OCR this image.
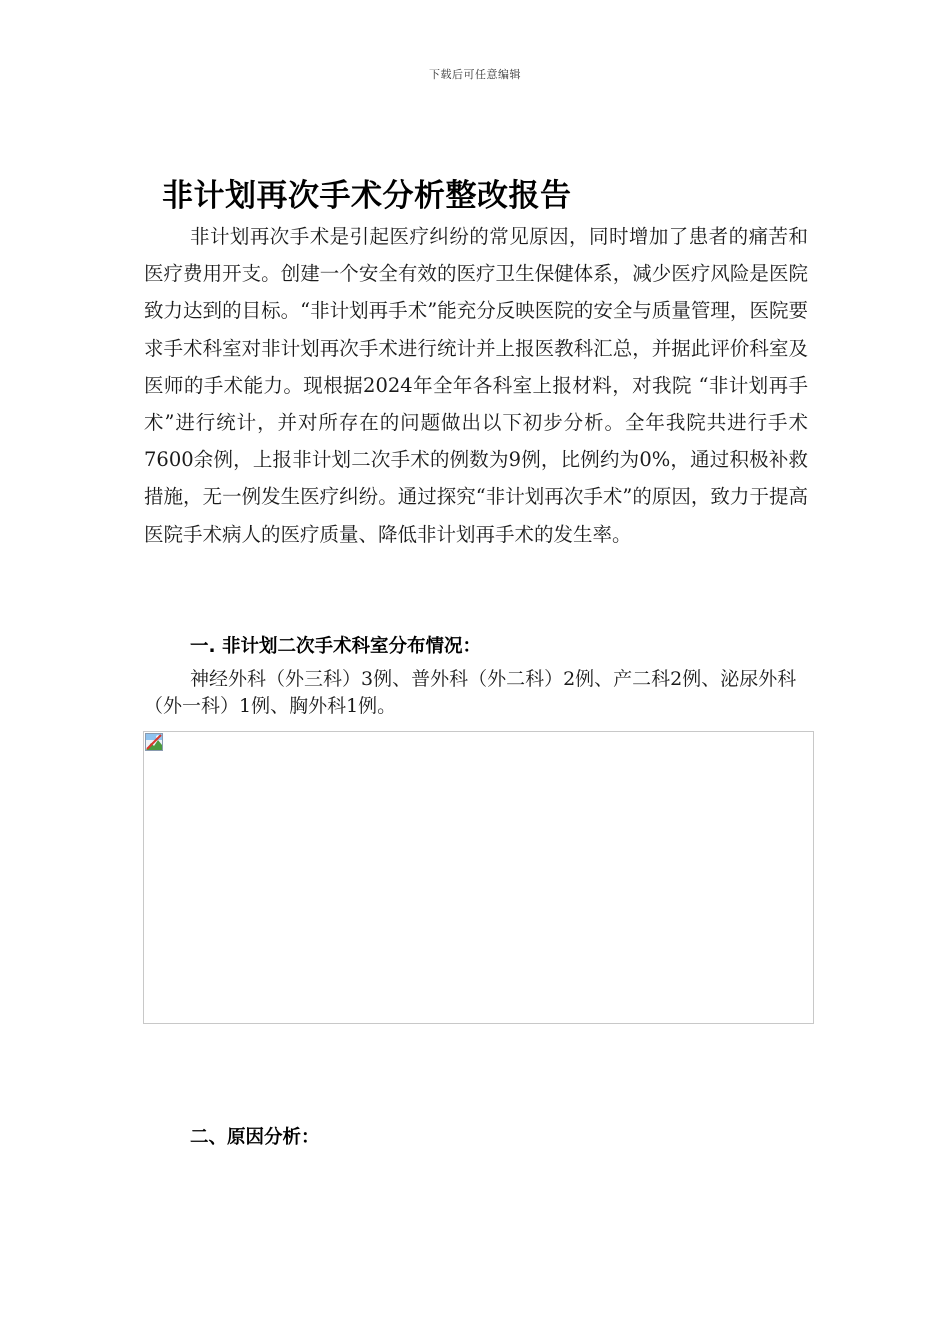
下载后可任意编辑
非计划再次手术分析整改报告

非计划再次手术是引起医疗纠纷的常见原因，同时增加了患者的痛苦和医疗费用开支。创建一个安全有效的医疗卫生保健体系，减少医疗风险是医院致力达到的目标。“非计划再手术”能充分反映医院的安全与质量管理，医院要求手术科室对非计划再次手术进行统计并上报医教科汇总，并据此评价科室及医师的手术能力。现根据2024年全年各科室上报材料，对我院 “非计划再手术”进行统计，并对所存在的问题做出以下初步分析。全年我院共进行手术7600余例，上报非计划二次手术的例数为9例，比例约为0%，通过积极补救措施，无一例发生医疗纠纷。通过探究“非计划再次手术”的原因，致力于提高医院手术病人的医疗质量、降低非计划再手术的发生率。

一. 非计划二次手术科室分布情况：

神经外科（外三科）3例、普外科（外二科）2例、产二科2例、泌尿外科（外一科）1例、胸外科1例。

二、原因分析：
